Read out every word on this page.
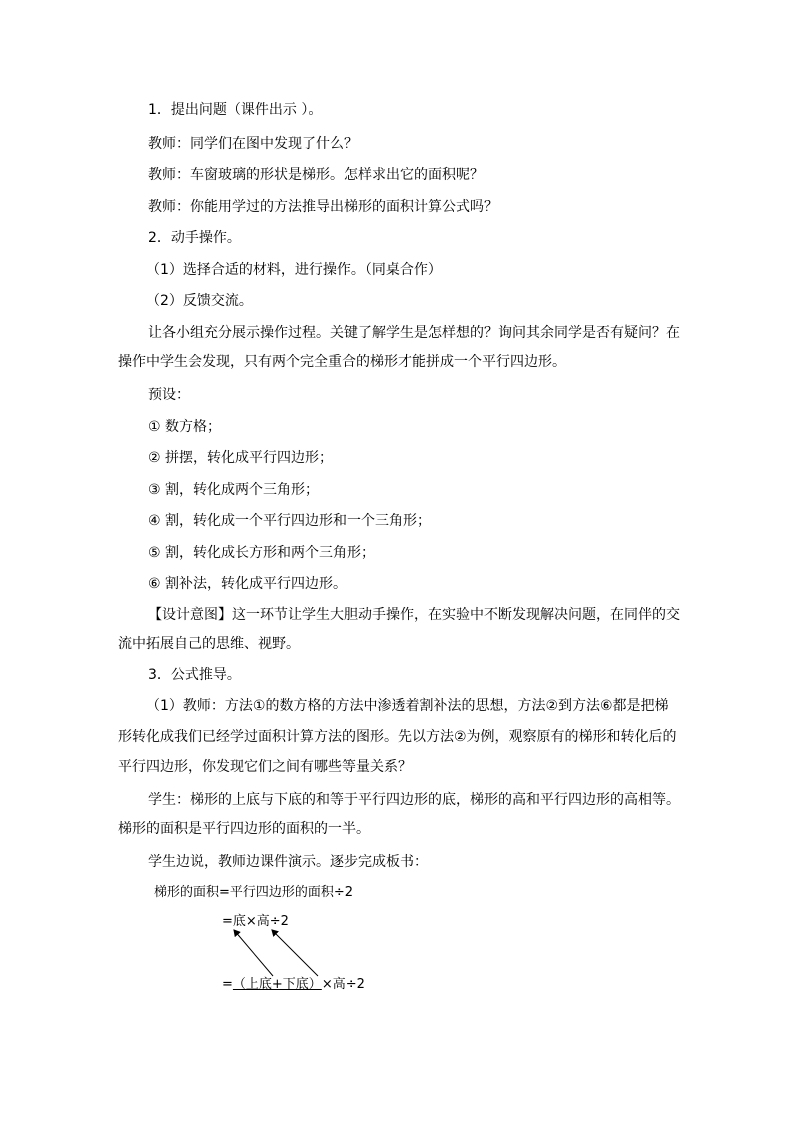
1．提出问题（课件出示 ）。
教师：同学们在图中发现了什么？
教师：车窗玻璃的形状是梯形。怎样求出它的面积呢？
教师：你能用学过的方法推导出梯形的面积计算公式吗？
2．动手操作。
（1）选择合适的材料，进行操作。（同桌合作）
（2）反馈交流。
让各小组充分展示操作过程。关键了解学生是怎样想的？询问其余同学是否有疑问？在
操作中学生会发现，只有两个完全重合的梯形才能拼成一个平行四边形。
预设：
① 数方格；
② 拼摆，转化成平行四边形；
③ 割，转化成两个三角形；
④ 割，转化成一个平行四边形和一个三角形；
⑤ 割，转化成长方形和两个三角形；
⑥ 割补法，转化成平行四边形。
【设计意图】这一环节让学生大胆动手操作，在实验中不断发现解决问题，在同伴的交
流中拓展自己的思维、视野。
3．公式推导。
（1）教师：方法①的数方格的方法中渗透着割补法的思想，方法②到方法⑥都是把梯
形转化成我们已经学过面积计算方法的图形。先以方法②为例，观察原有的梯形和转化后的
平行四边形，你发现它们之间有哪些等量关系？
学生：梯形的上底与下底的和等于平行四边形的底，梯形的高和平行四边形的高相等。
梯形的面积是平行四边形的面积的一半。
学生边说，教师边课件演示。逐步完成板书：
梯形的面积=平行四边形的面积÷2
=底×高÷2
=（上底+下底）×高÷2
